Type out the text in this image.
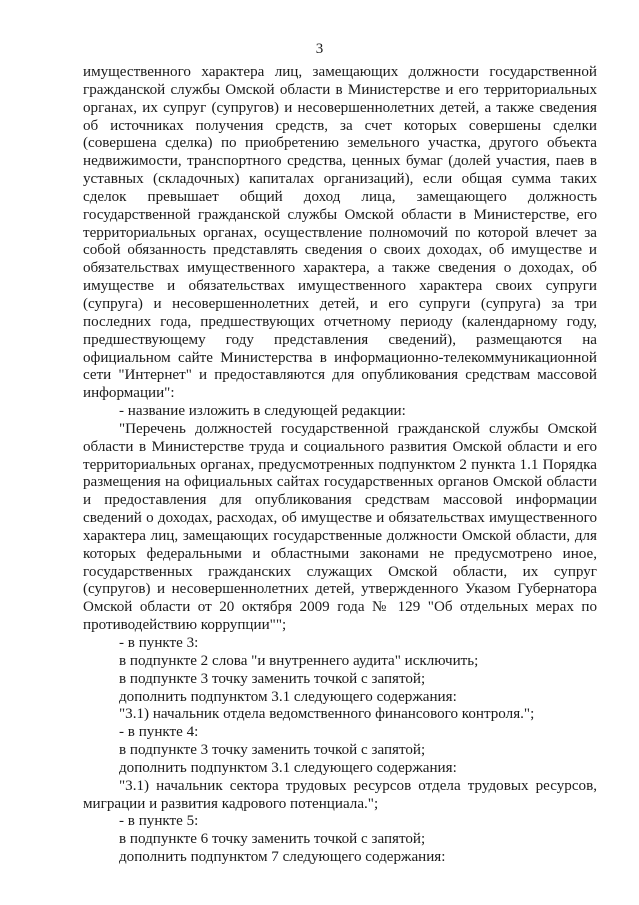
3

имущественного характера лиц, замещающих должности государственной гражданской службы Омской области в Министерстве и его территориальных органах, их супруг (супругов) и несовершеннолетних детей, а также сведения об источниках получения средств, за счет которых совершены сделки (совершена сделка) по приобретению земельного участка, другого объекта недвижимости, транспортного средства, ценных бумаг (долей участия, паев в уставных (складочных) капиталах организаций), если общая сумма таких сделок превышает общий доход лица, замещающего должность государственной гражданской службы Омской области в Министерстве, его территориальных органах, осуществление полномочий по которой влечет за собой обязанность представлять сведения о своих доходах, об имуществе и обязательствах имущественного характера, а также сведения о доходах, об имуществе и обязательствах имущественного характера своих супруги (супруга) и несовершеннолетних детей, и его супруги (супруга) за три последних года, предшествующих отчетному периоду (календарному году, предшествующему году представления сведений), размещаются на официальном сайте Министерства в информационно-телекоммуникационной сети "Интернет" и предоставляются для опубликования средствам массовой информации":

- название изложить в следующей редакции:

"Перечень должностей государственной гражданской службы Омской области в Министерстве труда и социального развития Омской области и его территориальных органах, предусмотренных подпунктом 2 пункта 1.1 Порядка размещения на официальных сайтах государственных органов Омской области и предоставления для опубликования средствам массовой информации сведений о доходах, расходах, об имуществе и обязательствах имущественного характера лиц, замещающих государственные должности Омской области, для которых федеральными и областными законами не предусмотрено иное, государственных гражданских служащих Омской области, их супруг (супругов) и несовершеннолетних детей, утвержденного Указом Губернатора Омской области от 20 октября 2009 года № 129 "Об отдельных мерах по противодействию коррупции"";

- в пункте 3:
в подпункте 2 слова "и внутреннего аудита" исключить;
в подпункте 3 точку заменить точкой с запятой;
дополнить подпунктом 3.1 следующего содержания:
"3.1) начальник отдела ведомственного финансового контроля.";
- в пункте 4:
в подпункте 3 точку заменить точкой с запятой;
дополнить подпунктом 3.1 следующего содержания:

"3.1) начальник сектора трудовых ресурсов отдела трудовых ресурсов, миграции и развития кадрового потенциала.";

- в пункте 5:
в подпункте 6 точку заменить точкой с запятой;
дополнить подпунктом 7 следующего содержания:
